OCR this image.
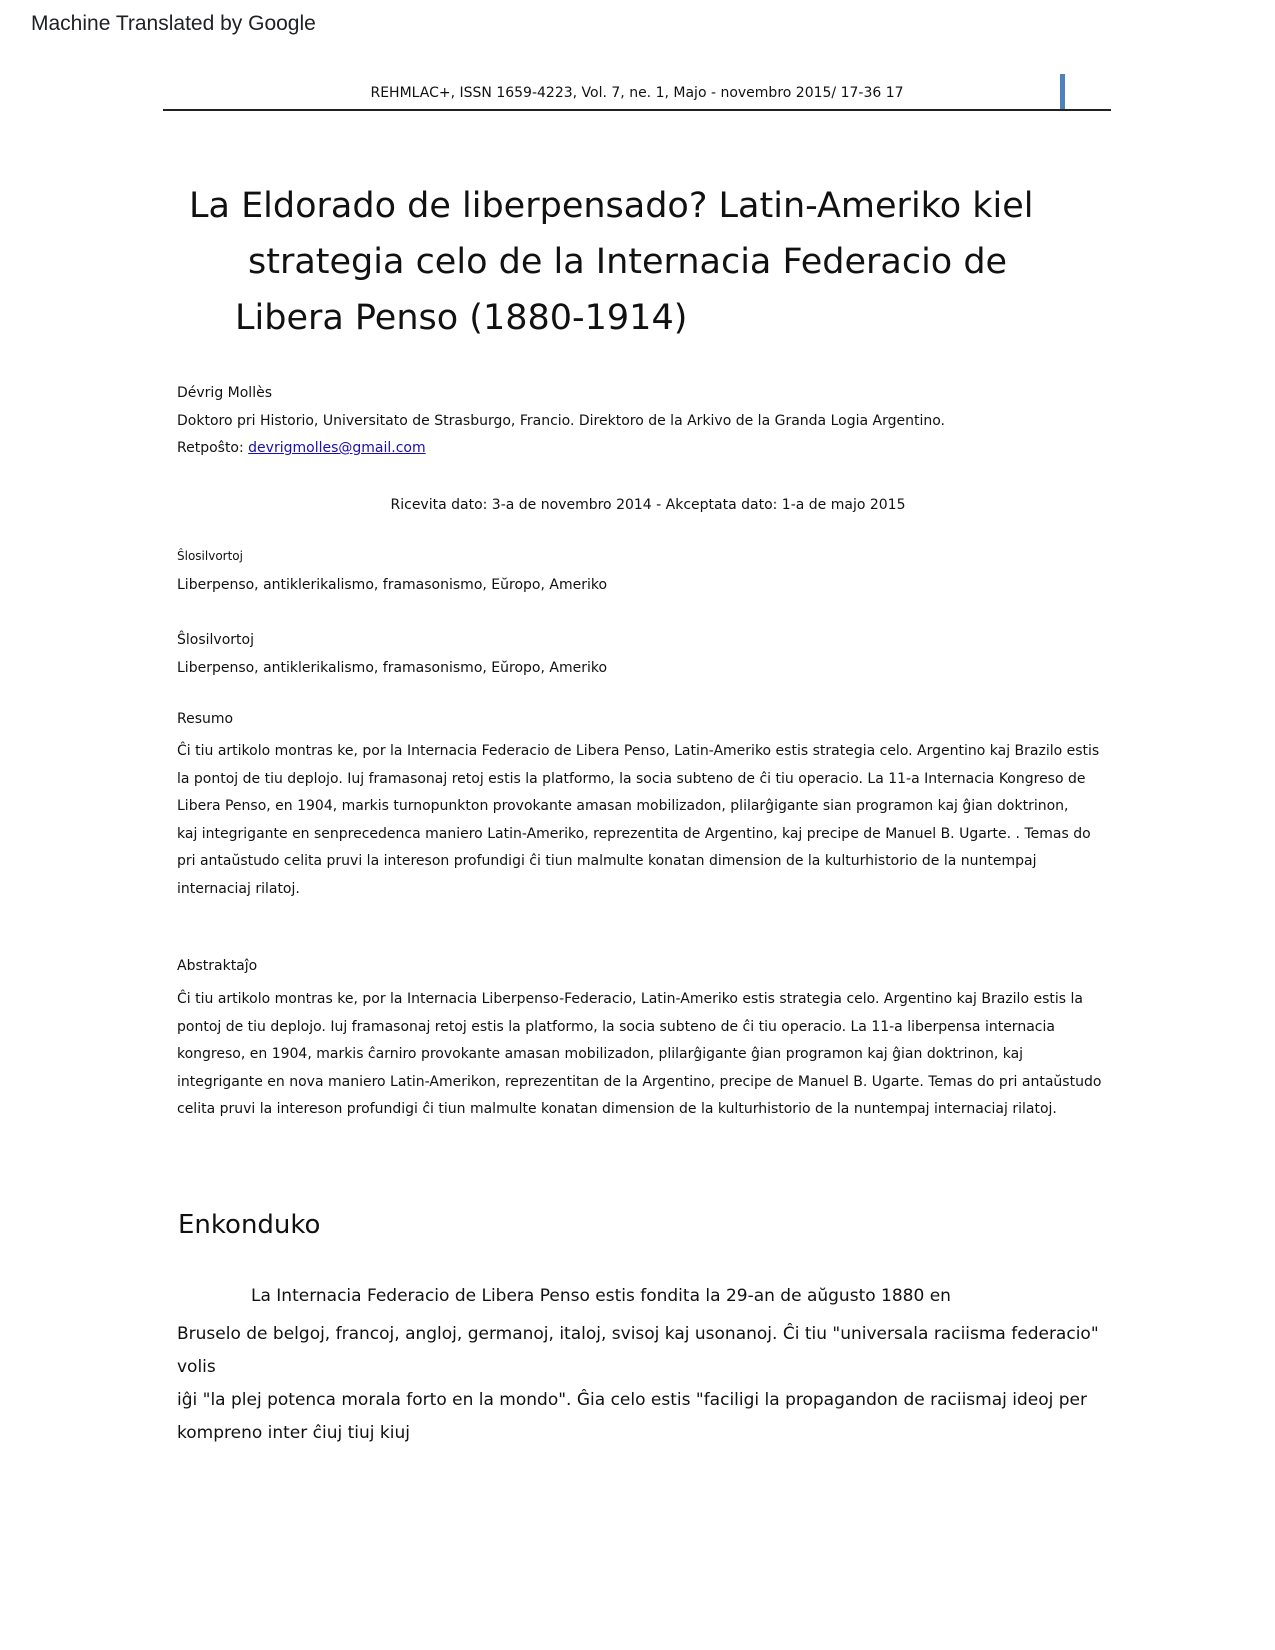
Machine Translated by Google
REHMLAC+, ISSN 1659-4223, Vol. 7, ne. 1, Majo - novembro 2015/ 17-36 17
La Eldorado de liberpensado? Latin-Ameriko kiel
strategia celo de la Internacia Federacio de
Libera Penso (1880-1914)
Dévrig Mollès
Doktoro pri Historio, Universitato de Strasburgo, Francio. Direktoro de la Arkivo de la Granda Logia Argentino.
Retpoŝto: devrigmolles@gmail.com
Ricevita dato: 3-a de novembro 2014 - Akceptata dato: 1-a de majo 2015
Ŝlosilvortoj
Liberpenso, antiklerikalismo, framasonismo, Eŭropo, Ameriko
Ŝlosilvortoj
Liberpenso, antiklerikalismo, framasonismo, Eŭropo, Ameriko
Resumo
Ĉi tiu artikolo montras ke, por la Internacia Federacio de Libera Penso, Latin-Ameriko estis strategia celo. Argentino kaj Brazilo estis
la pontoj de tiu deplojo. Iuj framasonaj retoj estis la platformo, la socia subteno de ĉi tiu operacio. La 11-a Internacia Kongreso de
Libera Penso, en 1904, markis turnopunkton provokante amasan mobilizadon, plilarĝigante sian programon kaj ĝian doktrinon,
kaj integrigante en senprecedenca maniero Latin-Ameriko, reprezentita de Argentino, kaj precipe de Manuel B. Ugarte. . Temas do
pri antaŭstudo celita pruvi la intereson profundigi ĉi tiun malmulte konatan dimension de la kulturhistorio de la nuntempaj
internaciaj rilatoj.
Abstraktaĵo
Ĉi tiu artikolo montras ke, por la Internacia Liberpenso-Federacio, Latin-Ameriko estis strategia celo. Argentino kaj Brazilo estis la
pontoj de tiu deplojo. Iuj framasonaj retoj estis la platformo, la socia subteno de ĉi tiu operacio. La 11-a liberpensa internacia
kongreso, en 1904, markis ĉarniro provokante amasan mobilizadon, plilarĝigante ĝian programon kaj ĝian doktrinon, kaj
integrigante en nova maniero Latin-Amerikon, reprezentitan de la Argentino, precipe de Manuel B. Ugarte. Temas do pri antaŭstudo
celita pruvi la intereson profundigi ĉi tiun malmulte konatan dimension de la kulturhistorio de la nuntempaj internaciaj rilatoj.
Enkonduko
La Internacia Federacio de Libera Penso estis fondita la 29-an de aŭgusto 1880 en
Bruselo de belgoj, francoj, angloj, germanoj, italoj, svisoj kaj usonanoj. Ĉi tiu "universala raciisma federacio" volis
iĝi "la plej potenca morala forto en la mondo". Ĝia celo estis "faciligi la propagandon de raciismaj ideoj per
kompreno inter ĉiuj tiuj kiuj
